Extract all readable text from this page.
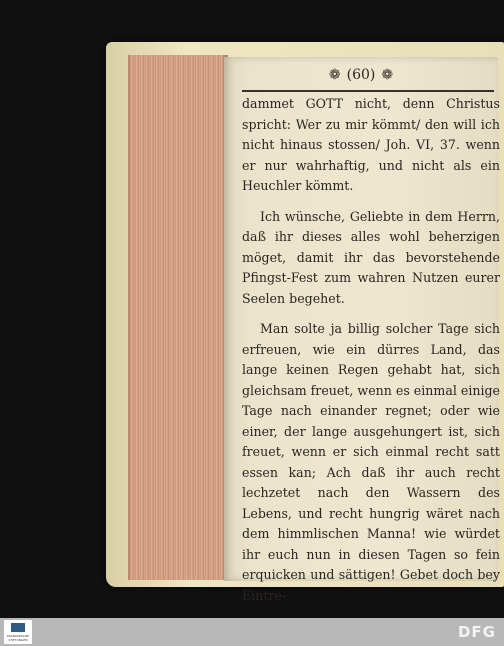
❁ (60) ❁
dammet GOTT nicht, denn Christus spricht: Wer zu mir kömmt/ den will ich nicht hinaus stossen/ Joh. VI, 37. wenn er nur wahrhaftig, und nicht als ein Heuchler kömmt.
Ich wünsche, Geliebte in dem Herrn, daß ihr dieses alles wohl beherzigen möget, damit ihr das bevorstehende Pfingst-Fest zum wahren Nutzen eurer Seelen begehet.
Man solte ja billig solcher Tage sich erfreuen, wie ein dürres Land, das lange keinen Regen gehabt hat, sich gleichsam freuet, wenn es einmal einige Tage nach einander regnet; oder wie einer, der lange ausgehungert ist, sich freuet, wenn er sich einmal recht satt essen kan; Ach daß ihr auch recht lechzetet nach den Wassern des Lebens, und recht hungrig wäret nach dem himmlischen Manna! wie würdet ihr euch nun in diesen Tagen so fein erquicken und sättigen! Gebet doch bey Eintre-
FRANCKESCHE STIFTUNGEN	DFG
